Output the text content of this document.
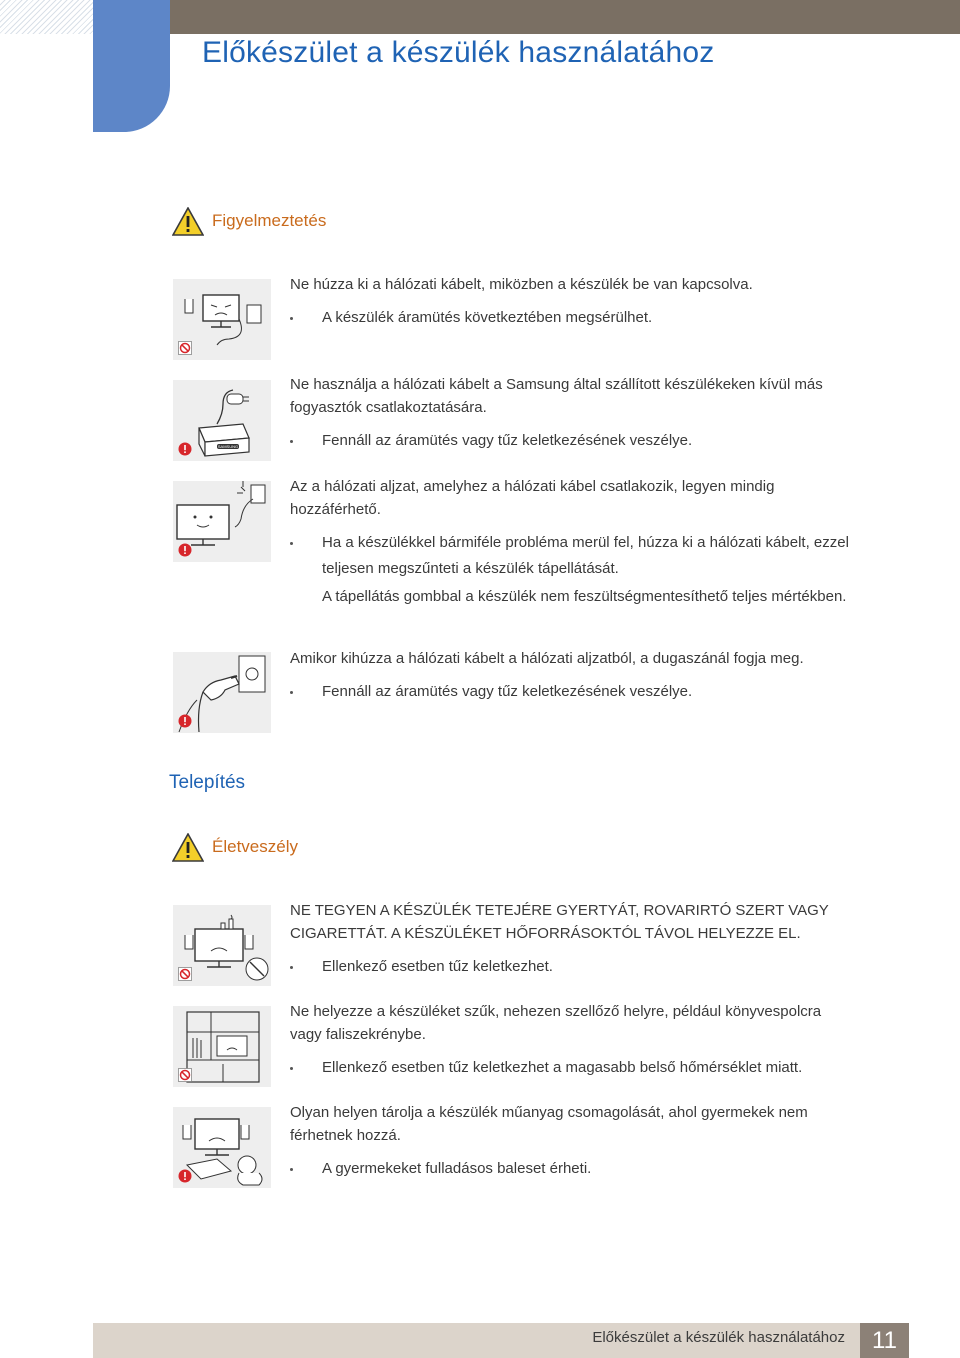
Előkészület a készülék használatához
Figyelmeztetés

Ne húzza ki a hálózati kábelt, miközben a készülék be van kapcsolva.

A készülék áramütés következtében megsérülhet.

SAMSUNG

Ne használja a hálózati kábelt a Samsung által szállított készülékeken kívül más fogyasztók csatlakoztatására.

Fennáll az áramütés vagy tűz keletkezésének veszélye.

Az a hálózati aljzat, amelyhez a hálózati kábel csatlakozik, legyen mindig hozzáférhető.

Ha a készülékkel bármiféle probléma merül fel, húzza ki a hálózati kábelt, ezzel teljesen megszűnteti a készülék tápellátását.

A tápellátás gombbal a készülék nem feszültségmentesíthető teljes mértékben.

Amikor kihúzza a hálózati kábelt a hálózati aljzatból, a dugaszánál fogja meg.

Fennáll az áramütés vagy tűz keletkezésének veszélye.

Telepítés
Életveszély

NE TEGYEN A KÉSZÜLÉK TETEJÉRE GYERTYÁT, ROVARIRTÓ SZERT VAGY CIGARETTÁT. A KÉSZÜLÉKET HŐFORRÁSOKTÓL TÁVOL HELYEZZE EL.

Ellenkező esetben tűz keletkezhet.

Ne helyezze a készüléket szűk, nehezen szellőző helyre, például könyvespolcra vagy faliszekrénybe.

Ellenkező esetben tűz keletkezhet a magasabb belső hőmérséklet miatt.

Olyan helyen tárolja a készülék műanyag csomagolását, ahol gyermekek nem férhetnek hozzá.

A gyermekeket fulladásos baleset érheti.

Előkészület a készülék használatához	11
